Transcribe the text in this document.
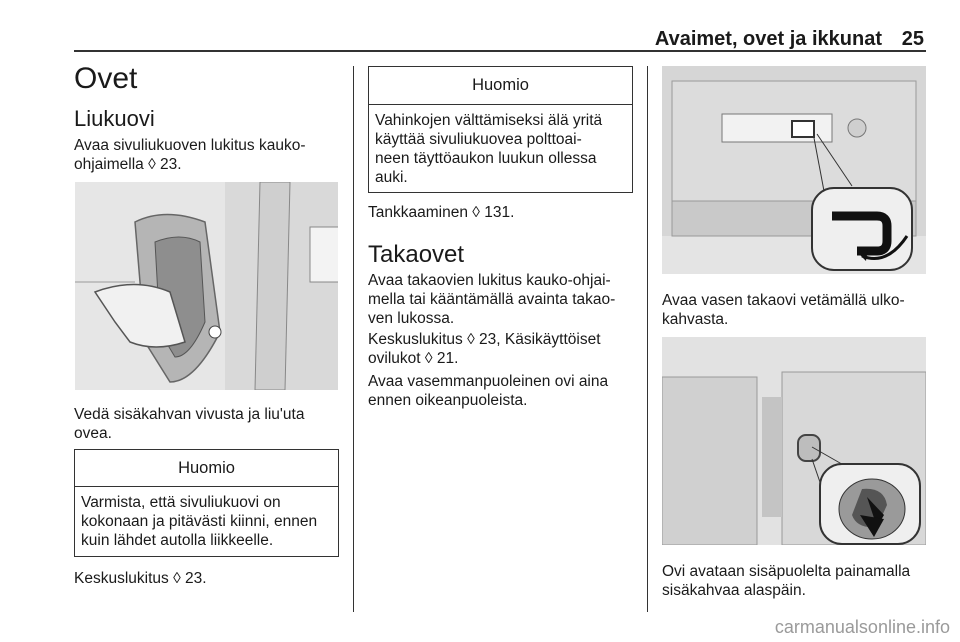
Avaimet, ovet ja ikkunat 25
Ovet
Liukuovi
Avaa sivuliukuoven lukitus kauko-
ohjaimella ◊ 23.
Vedä sisäkahvan vivusta ja liu'uta
ovea.
Huomio
Varmista, että sivuliukuovi on
kokonaan ja pitävästi kiinni, ennen
kuin lähdet autolla liikkeelle.
Keskuslukitus ◊ 23.
Huomio
Vahinkojen välttämiseksi älä yritä
käyttää sivuliukuovea polttoai-
neen täyttöaukon luukun ollessa
auki.
Tankkaaminen ◊ 131.
Takaovet
Avaa takaovien lukitus kauko-ohjai-
mella tai kääntämällä avainta takao-
ven lukossa.
Keskuslukitus ◊ 23, Käsikäyttöiset
ovilukot ◊ 21.
Avaa vasemmanpuoleinen ovi aina
ennen oikeanpuoleista.
Avaa vasen takaovi vetämällä ulko-
kahvasta.
Ovi avataan sisäpuolelta painamalla
sisäkahvaa alaspäin.
carmanualsonline.info
